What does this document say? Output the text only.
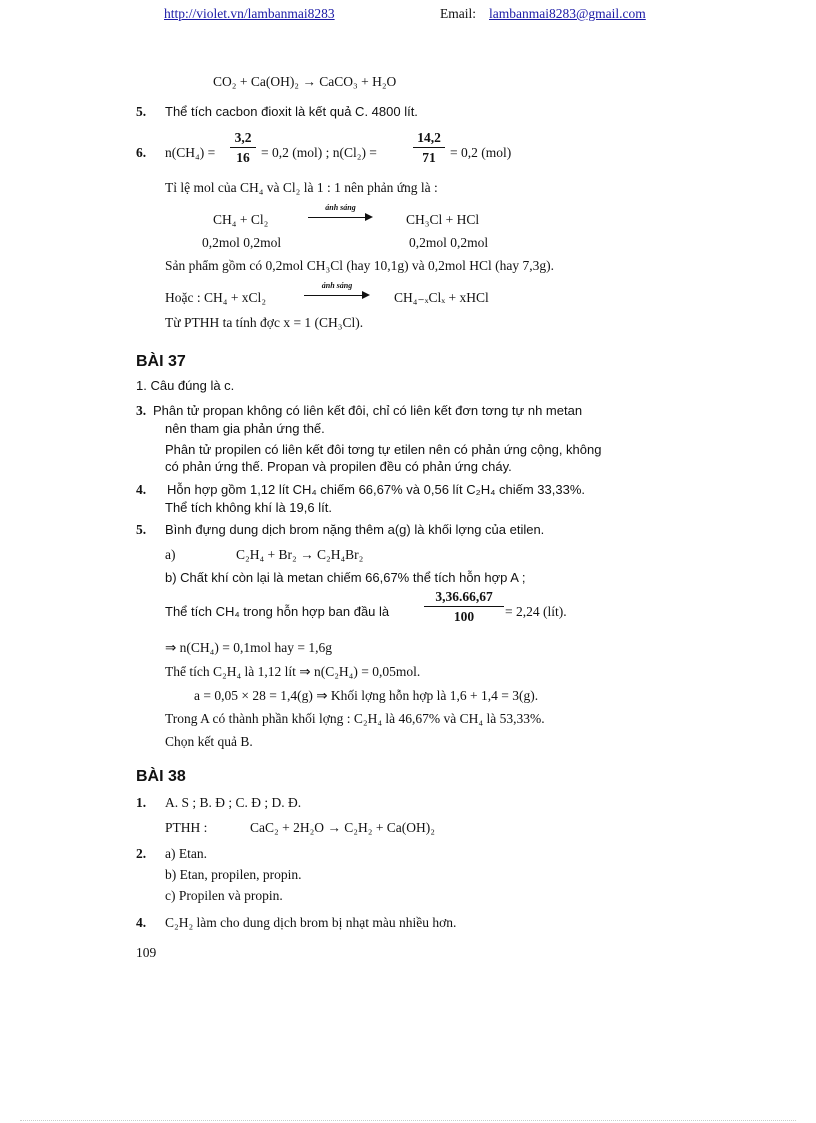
http://violet.vn/lambanmai8283	Email: lambanmai8283@gmail.com
CO₂ + Ca(OH)₂ → CaCO₃ + H₂O
5. Thể tích cacbon đioxit là kết quả C. 4800 lít.
6. $n(CH_4) = \frac{3,2}{16} = 0,2$ (mol) ; n(Cl₂) =	$\frac{14,2}{71} = 0,2$ (mol)
Tỉ lệ mol của CH₄ và Cl₂ là 1 : 1 nên phản ứng là :
CH₄ + Cl₂
ánh sáng
CH₃Cl + HCl
0,2mol 0,2mol	0,2mol 0,2mol
Sản phẩm gồm có 0,2mol CH₃Cl (hay 10,1g) và 0,2mol HCl (hay 7,3g).
Hoặc : CH₄ + xCl₂
ánh sáng
CH₄₋ₓClₓ + xHCl
Từ PTHH ta tính đợc x = 1 (CH₃Cl).
BÀI 37
1. Câu đúng là c.
3. Phân tử propan không có liên kết đôi, chỉ có liên kết đơn tơng tự nh metan
nên tham gia phản ứng thế.
Phân tử propilen có liên kết đôi tơng tự etilen nên có phản ứng cộng, không
có phản ứng thế. Propan và propilen đều có phản ứng cháy.
4. Hỗn hợp gồm 1,12 lít CH₄ chiếm 66,67% và 0,56 lít C₂H₄ chiếm 33,33%.
Thể tích không khí là 19,6 lít.
5. Bình đựng dung dịch brom nặng thêm a(g) là khối lợng của etilen.
a)	C₂H₄ + Br₂ → C₂H₄Br₂
b) Chất khí còn lại là metan chiếm 66,67% thể tích hỗn hợp A ;
Thể tích CH₄ trong hỗn hợp ban đầu là	$\frac{3,36.66,67}{100} = 2,24$ (lít).
⇒ n(CH₄) = 0,1mol hay = 1,6g
Thể tích C₂H₄ là 1,12 lít ⇒ n(C₂H₄) = 0,05mol.
a = 0,05 × 28 = 1,4(g) ⇒ Khối lợng hỗn hợp là 1,6 + 1,4 = 3(g).
Trong A có thành phần khối lợng : C₂H₄ là 46,67% và CH₄ là 53,33%.
Chọn kết quả B.
BÀI 38
1. A. S ; B. Đ ; C. Đ ; D. Đ.
PTHH :	CaC₂ + 2H₂O → C₂H₂ + Ca(OH)₂
2. a) Etan.
b) Etan, propilen, propin.
c) Propilen và propin.
4. C₂H₂ làm cho dung dịch brom bị nhạt màu nhiều hơn.
109
